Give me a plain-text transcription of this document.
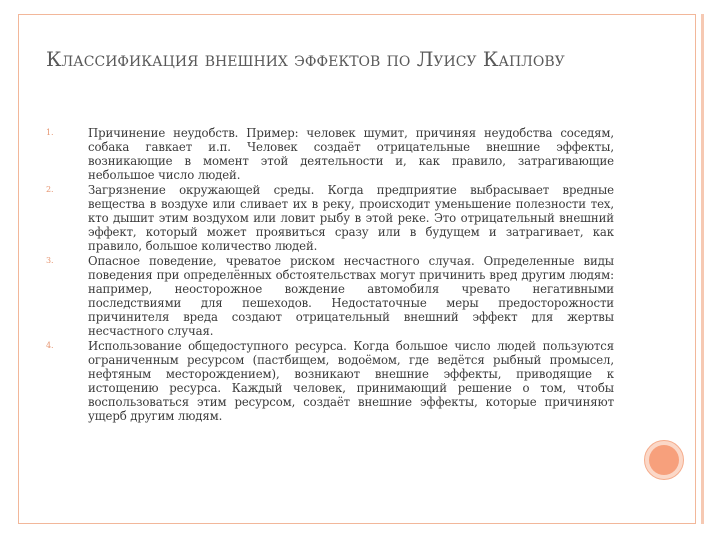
Классификация внешних эффектов по Луису Каплову
1.	Причинение неудобств. Пример: человек шумит, причиняя неудобства соседям, собака гавкает и.п. Человек создаёт отрицательные внешние эффекты, возникающие в момент этой деятельности и, как правило, затрагивающие небольшое число людей.
2.	Загрязнение окружающей среды. Когда предприятие выбрасывает вредные вещества в воздухе или сливает их в реку, происходит уменьшение полезности тех, кто дышит этим воздухом или ловит рыбу в этой реке. Это отрицательный внешний эффект, который может проявиться сразу или в будущем и затрагивает, как правило, большое количество людей.
3.	Опасное поведение, чреватое риском несчастного случая. Определенные виды поведения при определённых обстоятельствах могут причинить вред другим людям: например, неосторожное вождение автомобиля чревато негативными последствиями для пешеходов. Недостаточные меры предосторожности причинителя вреда создают отрицательный внешний эффект для жертвы несчастного случая.
4.	Использование общедоступного ресурса. Когда большое число людей пользуются ограниченным ресурсом (пастбищем, водоёмом, где ведётся рыбный промысел, нефтяным месторождением), возникают внешние эффекты, приводящие к истощению ресурса. Каждый человек, принимающий решение о том, чтобы воспользоваться этим ресурсом, создаёт внешние эффекты, которые причиняют ущерб другим людям.
